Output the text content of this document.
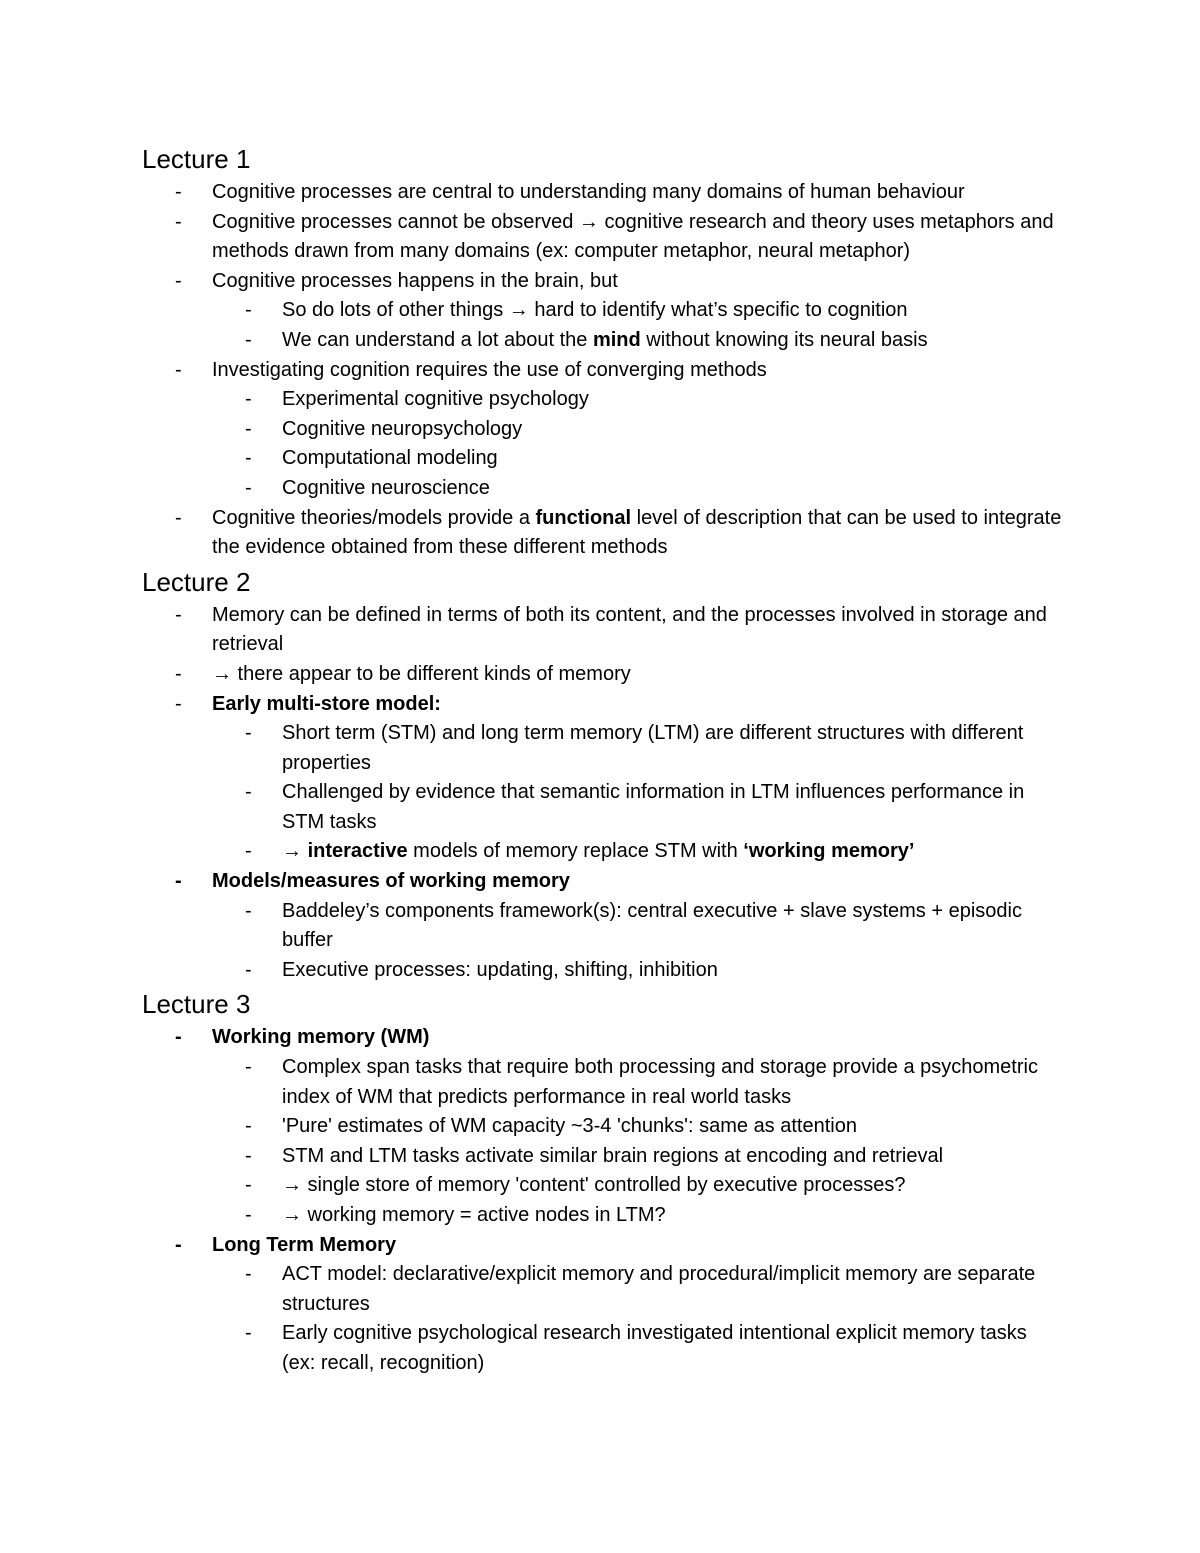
Lecture 1
- Cognitive processes are central to understanding many domains of human behaviour
- Cognitive processes cannot be observed → cognitive research and theory uses metaphors and methods drawn from many domains (ex: computer metaphor, neural metaphor)
- Cognitive processes happens in the brain, but
- So do lots of other things → hard to identify what’s specific to cognition
- We can understand a lot about the mind without knowing its neural basis
- Investigating cognition requires the use of converging methods
- Experimental cognitive psychology
- Cognitive neuropsychology
- Computational modeling
- Cognitive neuroscience
- Cognitive theories/models provide a functional level of description that can be used to integrate the evidence obtained from these different methods
Lecture 2
- Memory can be defined in terms of both its content, and the processes involved in storage and retrieval
- → there appear to be different kinds of memory
- Early multi-store model:
- Short term (STM) and long term memory (LTM) are different structures with different properties
- Challenged by evidence that semantic information in LTM influences performance in STM tasks
- → interactive models of memory replace STM with ‘working memory’
- Models/measures of working memory
- Baddeley’s components framework(s): central executive + slave systems + episodic buffer
- Executive processes: updating, shifting, inhibition
Lecture 3
- Working memory (WM)
- Complex span tasks that require both processing and storage provide a psychometric index of WM that predicts performance in real world tasks
- 'Pure' estimates of WM capacity ~3-4 'chunks': same as attention
- STM and LTM tasks activate similar brain regions at encoding and retrieval
- → single store of memory 'content' controlled by executive processes?
- → working memory = active nodes in LTM?
- Long Term Memory
- ACT model: declarative/explicit memory and procedural/implicit memory are separate structures
- Early cognitive psychological research investigated intentional explicit memory tasks (ex: recall, recognition)
